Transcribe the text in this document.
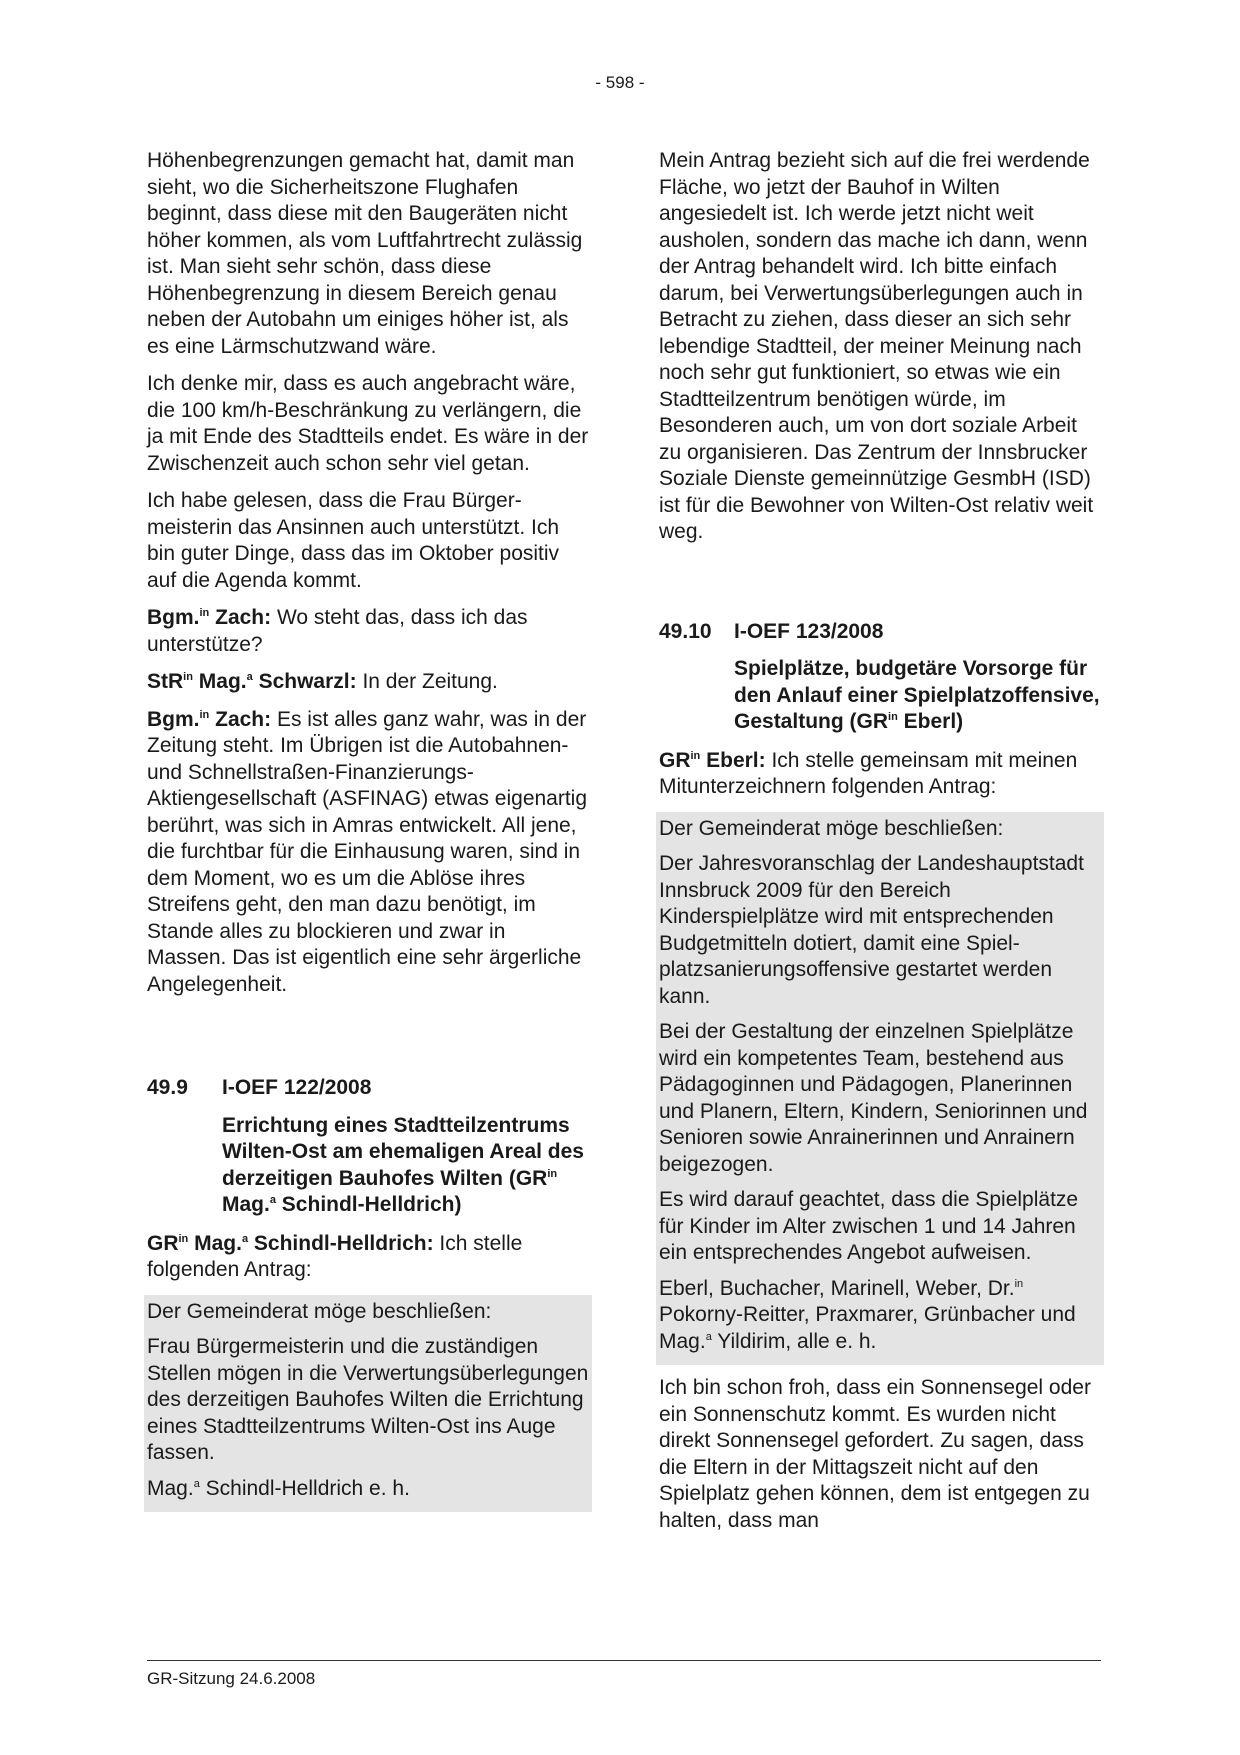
- 598 -

Höhenbegrenzungen gemacht hat, damit man sieht, wo die Sicherheitszone Flughafen beginnt, dass diese mit den Baugeräten nicht höher kommen, als vom Luftfahrtrecht zulässig ist. Man sieht sehr schön, dass diese Höhenbegrenzung in diesem Bereich genau neben der Autobahn um einiges höher ist, als es eine Lärmschutzwand wäre.

Ich denke mir, dass es auch angebracht wäre, die 100 km/h-Beschränkung zu verlängern, die ja mit Ende des Stadtteils endet. Es wäre in der Zwischenzeit auch schon sehr viel getan.

Ich habe gelesen, dass die Frau Bürgermeisterin das Ansinnen auch unterstützt. Ich bin guter Dinge, dass das im Oktober positiv auf die Agenda kommt.

Bgm.$^{in}$ Zach: Wo steht das, dass ich das unterstütze?

StR$^{in}$ Mag.$^a$ Schwarzl: In der Zeitung.

Bgm.$^{in}$ Zach: Es ist alles ganz wahr, was in der Zeitung steht. Im Übrigen ist die Autobahnen- und Schnellstraßen-Finanzierungs-Aktiengesellschaft (ASFINAG) etwas eigenartig berührt, was sich in Amras entwickelt. All jene, die furchtbar für die Einhausung waren, sind in dem Moment, wo es um die Ablöse ihres Streifens geht, den man dazu benötigt, im Stande alles zu blockieren und zwar in Massen. Das ist eigentlich eine sehr ärgerliche Angelegenheit.

49.9	I-OEF 122/2008
Errichtung eines Stadtteilzentrums Wilten-Ost am ehemaligen Areal des derzeitigen Bauhofes Wilten ($GR^{in}$ Mag.$^a$ Schindl-Helldrich)

$GR^{in}$ Mag.$^a$ Schindl-Helldrich: Ich stelle folgenden Antrag:

Der Gemeinderat möge beschließen:

Frau Bürgermeisterin und die zuständigen Stellen mögen in die Verwertungsüberlegungen des derzeitigen Bauhofes Wilten die Errichtung eines Stadtteilzentrums Wilten-Ost ins Auge fassen.

Mag.$^a$ Schindl-Helldrich e. h.

Mein Antrag bezieht sich auf die frei werdende Fläche, wo jetzt der Bauhof in Wilten angesiedelt ist. Ich werde jetzt nicht weit ausholen, sondern das mache ich dann, wenn der Antrag behandelt wird. Ich bitte einfach darum, bei Verwertungsüberlegungen auch in Betracht zu ziehen, dass dieser an sich sehr lebendige Stadtteil, der meiner Meinung nach noch sehr gut funktioniert, so etwas wie ein Stadtteilzentrum benötigen würde, im Besonderen auch, um von dort soziale Arbeit zu organisieren. Das Zentrum der Innsbrucker Soziale Dienste gemeinnützige GesmbH (ISD) ist für die Bewohner von Wilten-Ost relativ weit weg.

49.10	I-OEF 123/2008
Spielplätze, budgetäre Vorsorge für den Anlauf einer Spielplatzoffensive, Gestaltung ($GR^{in}$ Eberl)

$GR^{in}$ Eberl: Ich stelle gemeinsam mit meinen Mitunterzeichnern folgenden Antrag:

Der Gemeinderat möge beschließen:

Der Jahresvoranschlag der Landeshauptstadt Innsbruck 2009 für den Bereich Kinderspielplätze wird mit entsprechenden Budgetmitteln dotiert, damit eine Spielplatzsanierungsoffensive gestartet werden kann.

Bei der Gestaltung der einzelnen Spielplätze wird ein kompetentes Team, bestehend aus Pädagoginnen und Pädagogen, Planerinnen und Planern, Eltern, Kindern, Seniorinnen und Senioren sowie Anrainerinnen und Anrainern beigezogen.

Es wird darauf geachtet, dass die Spielplätze für Kinder im Alter zwischen 1 und 14 Jahren ein entsprechendes Angebot aufweisen.

Eberl, Buchacher, Marinell, Weber, Dr.$^{in}$ Pokorny-Reitter, Praxmarer, Grünbacher und Mag.$^a$ Yildirim, alle e. h.

Ich bin schon froh, dass ein Sonnensegel oder ein Sonnenschutz kommt. Es wurden nicht direkt Sonnensegel gefordert. Zu sagen, dass die Eltern in der Mittagszeit nicht auf den Spielplatz gehen können, dem ist entgegen zu halten, dass man

GR-Sitzung 24.6.2008
